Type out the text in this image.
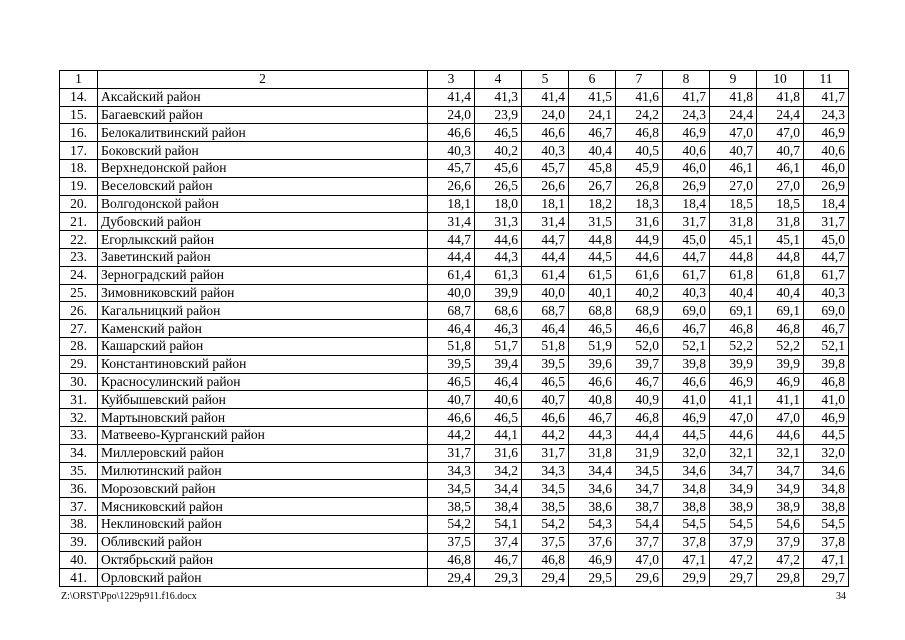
1	2	3	4	5	6	7	8	9	10	11
14.	Аксайский район	41,4	41,3	41,4	41,5	41,6	41,7	41,8	41,8	41,7
15.	Багаевский район	24,0	23,9	24,0	24,1	24,2	24,3	24,4	24,4	24,3
16.	Белокалитвинский район	46,6	46,5	46,6	46,7	46,8	46,9	47,0	47,0	46,9
17.	Боковский район	40,3	40,2	40,3	40,4	40,5	40,6	40,7	40,7	40,6
18.	Верхнедонской район	45,7	45,6	45,7	45,8	45,9	46,0	46,1	46,1	46,0
19.	Веселовский район	26,6	26,5	26,6	26,7	26,8	26,9	27,0	27,0	26,9
20.	Волгодонской район	18,1	18,0	18,1	18,2	18,3	18,4	18,5	18,5	18,4
21.	Дубовский район	31,4	31,3	31,4	31,5	31,6	31,7	31,8	31,8	31,7
22.	Егорлыкский район	44,7	44,6	44,7	44,8	44,9	45,0	45,1	45,1	45,0
23.	Заветинский район	44,4	44,3	44,4	44,5	44,6	44,7	44,8	44,8	44,7
24.	Зерноградский район	61,4	61,3	61,4	61,5	61,6	61,7	61,8	61,8	61,7
25.	Зимовниковский район	40,0	39,9	40,0	40,1	40,2	40,3	40,4	40,4	40,3
26.	Кагальницкий район	68,7	68,6	68,7	68,8	68,9	69,0	69,1	69,1	69,0
27.	Каменский район	46,4	46,3	46,4	46,5	46,6	46,7	46,8	46,8	46,7
28.	Кашарский район	51,8	51,7	51,8	51,9	52,0	52,1	52,2	52,2	52,1
29.	Константиновский район	39,5	39,4	39,5	39,6	39,7	39,8	39,9	39,9	39,8
30.	Красносулинский район	46,5	46,4	46,5	46,6	46,7	46,6	46,9	46,9	46,8
31.	Куйбышевский район	40,7	40,6	40,7	40,8	40,9	41,0	41,1	41,1	41,0
32.	Мартыновский район	46,6	46,5	46,6	46,7	46,8	46,9	47,0	47,0	46,9
33.	Матвеево-Курганский район	44,2	44,1	44,2	44,3	44,4	44,5	44,6	44,6	44,5
34.	Миллеровский район	31,7	31,6	31,7	31,8	31,9	32,0	32,1	32,1	32,0
35.	Милютинский район	34,3	34,2	34,3	34,4	34,5	34,6	34,7	34,7	34,6
36.	Морозовский район	34,5	34,4	34,5	34,6	34,7	34,8	34,9	34,9	34,8
37.	Мясниковский район	38,5	38,4	38,5	38,6	38,7	38,8	38,9	38,9	38,8
38.	Неклиновский район	54,2	54,1	54,2	54,3	54,4	54,5	54,5	54,6	54,5
39.	Обливский район	37,5	37,4	37,5	37,6	37,7	37,8	37,9	37,9	37,8
40.	Октябрьский район	46,8	46,7	46,8	46,9	47,0	47,1	47,2	47,2	47,1
41.	Орловский район	29,4	29,3	29,4	29,5	29,6	29,9	29,7	29,8	29,7
Z:\ORST\Ppo\1229p911.f16.docx	34
